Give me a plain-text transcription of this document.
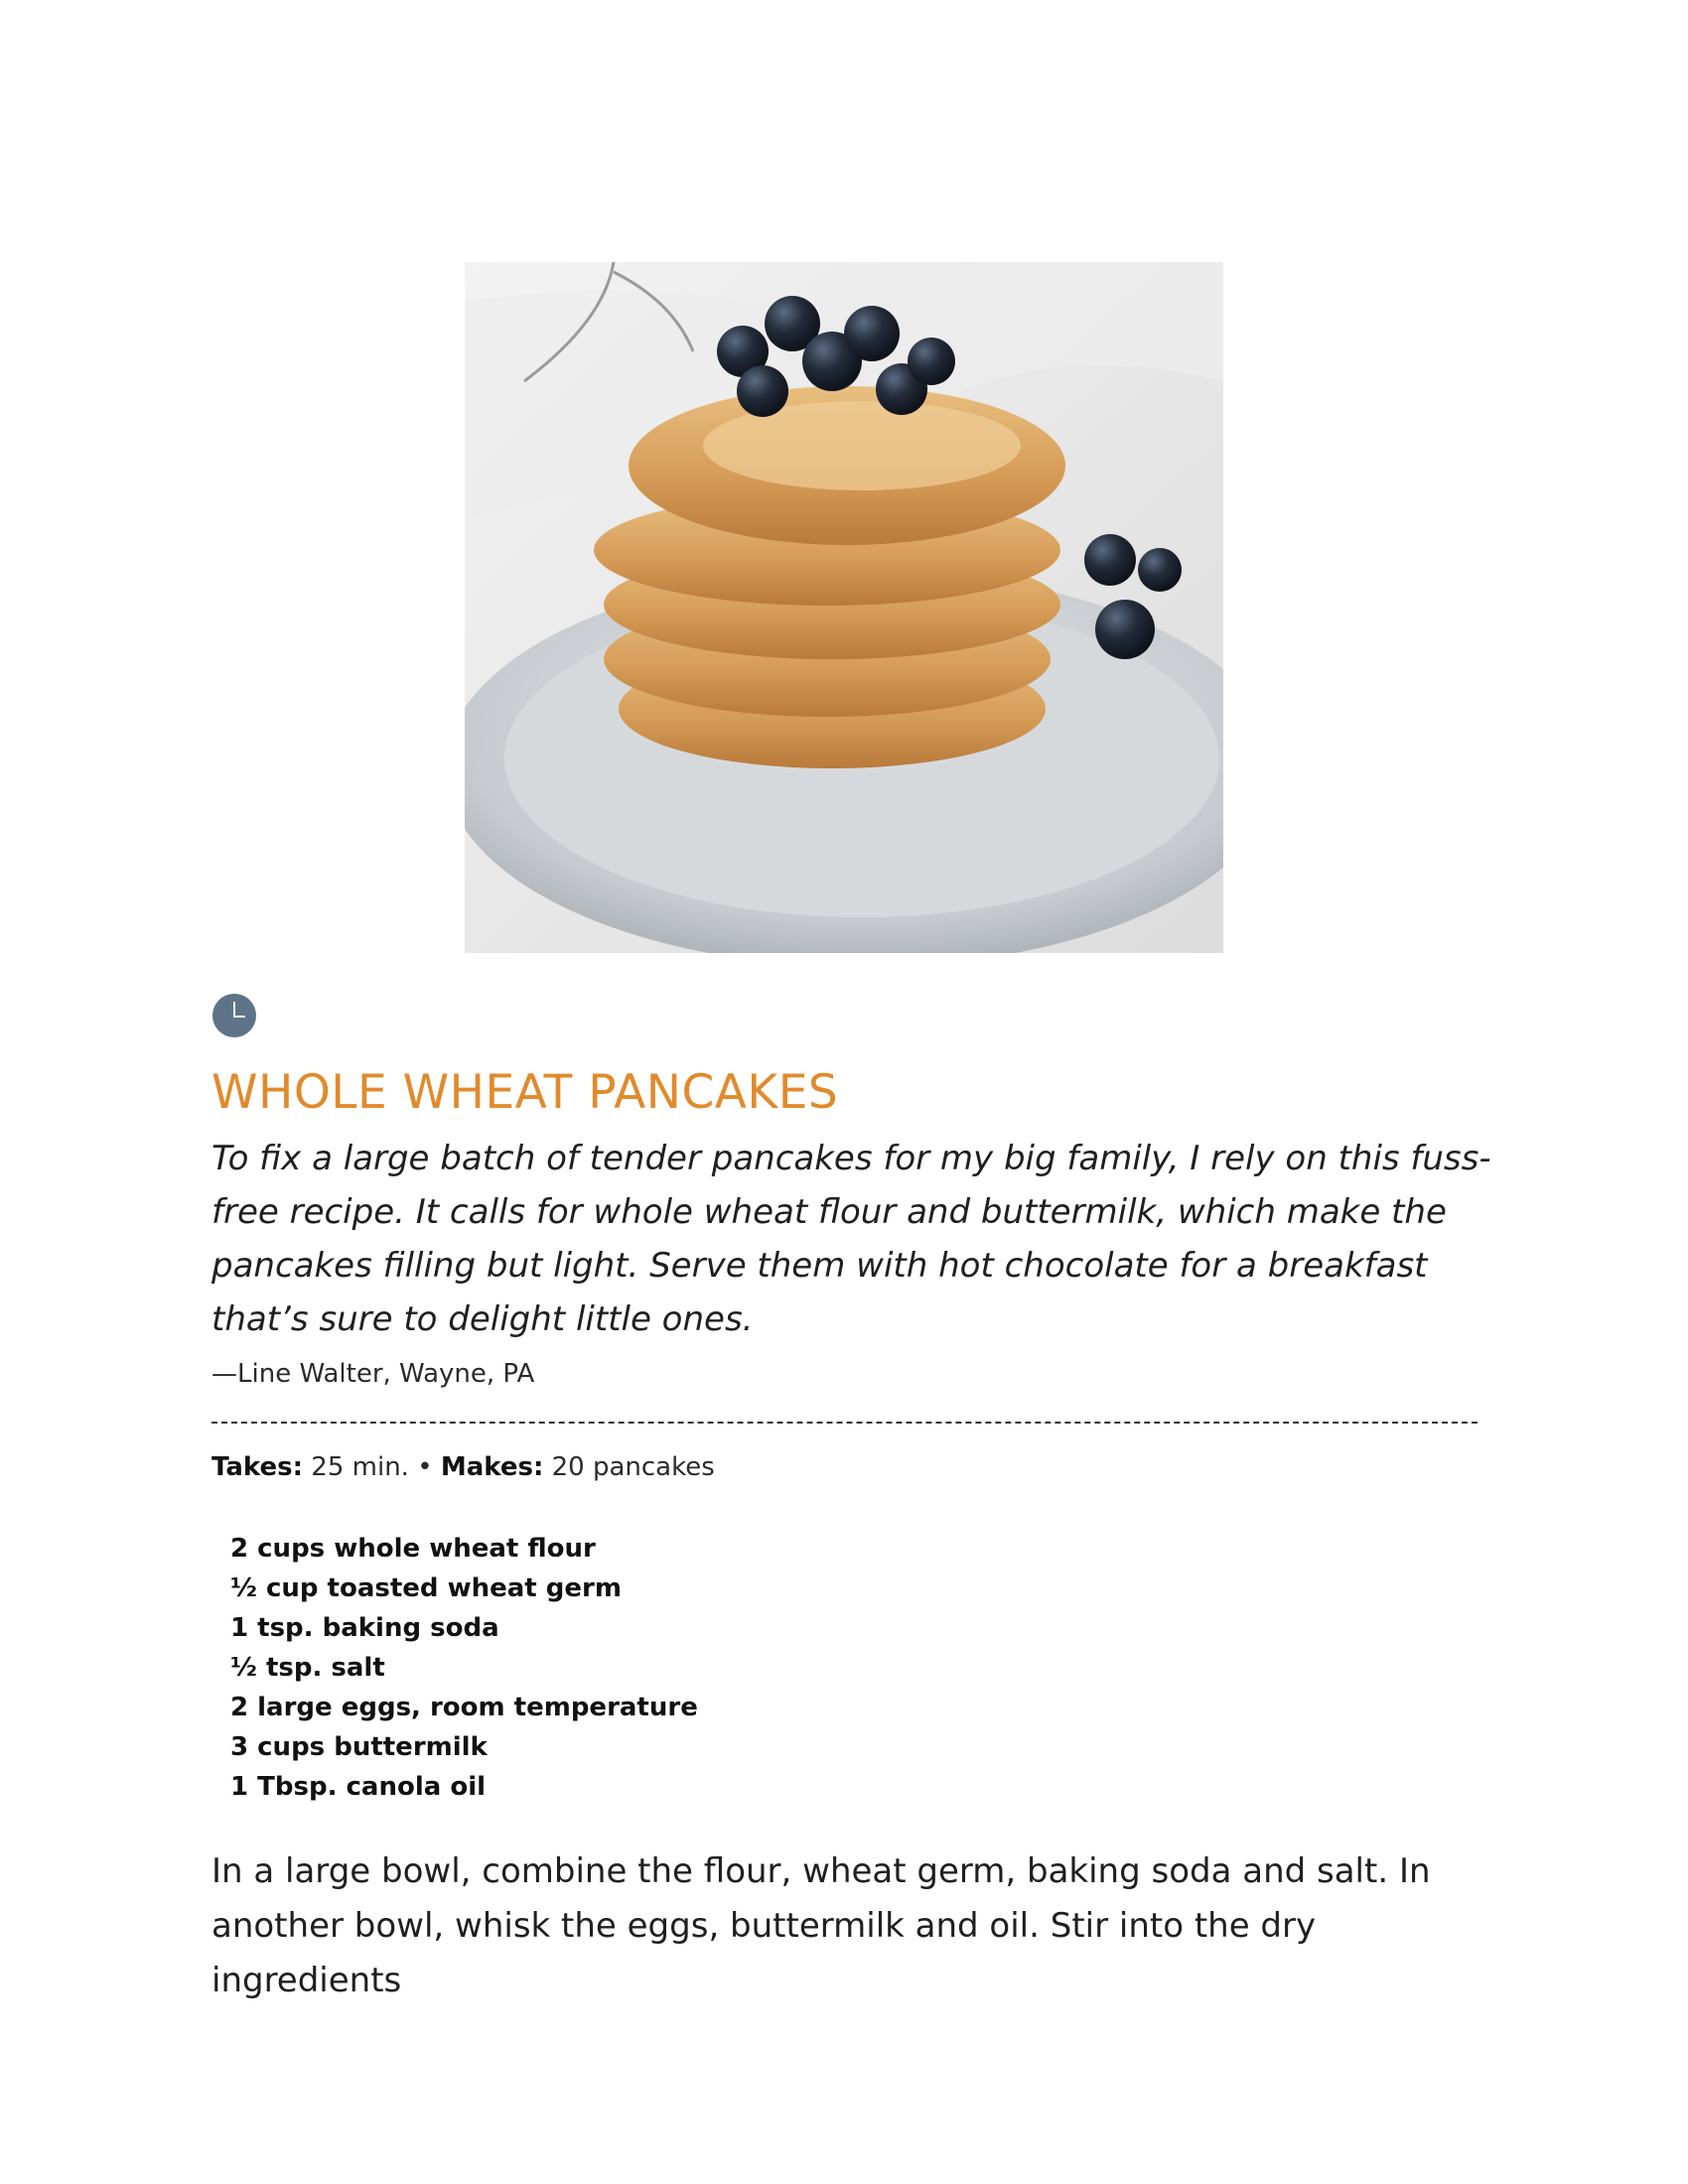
WHOLE WHEAT PANCAKES

To fix a large batch of tender pancakes for my big family, I rely on this fuss-free recipe. It calls for whole wheat flour and buttermilk, which make the pancakes filling but light. Serve them with hot chocolate for a breakfast that’s sure to delight little ones.

—Line Walter, Wayne, PA

Takes: 25 min. • Makes: 20 pancakes

2 cups whole wheat flour
½ cup toasted wheat germ
1 tsp. baking soda
½ tsp. salt
2 large eggs, room temperature
3 cups buttermilk
1 Tbsp. canola oil

In a large bowl, combine the flour, wheat germ, baking soda and salt. In another bowl, whisk the eggs, buttermilk and oil. Stir into the dry ingredients
